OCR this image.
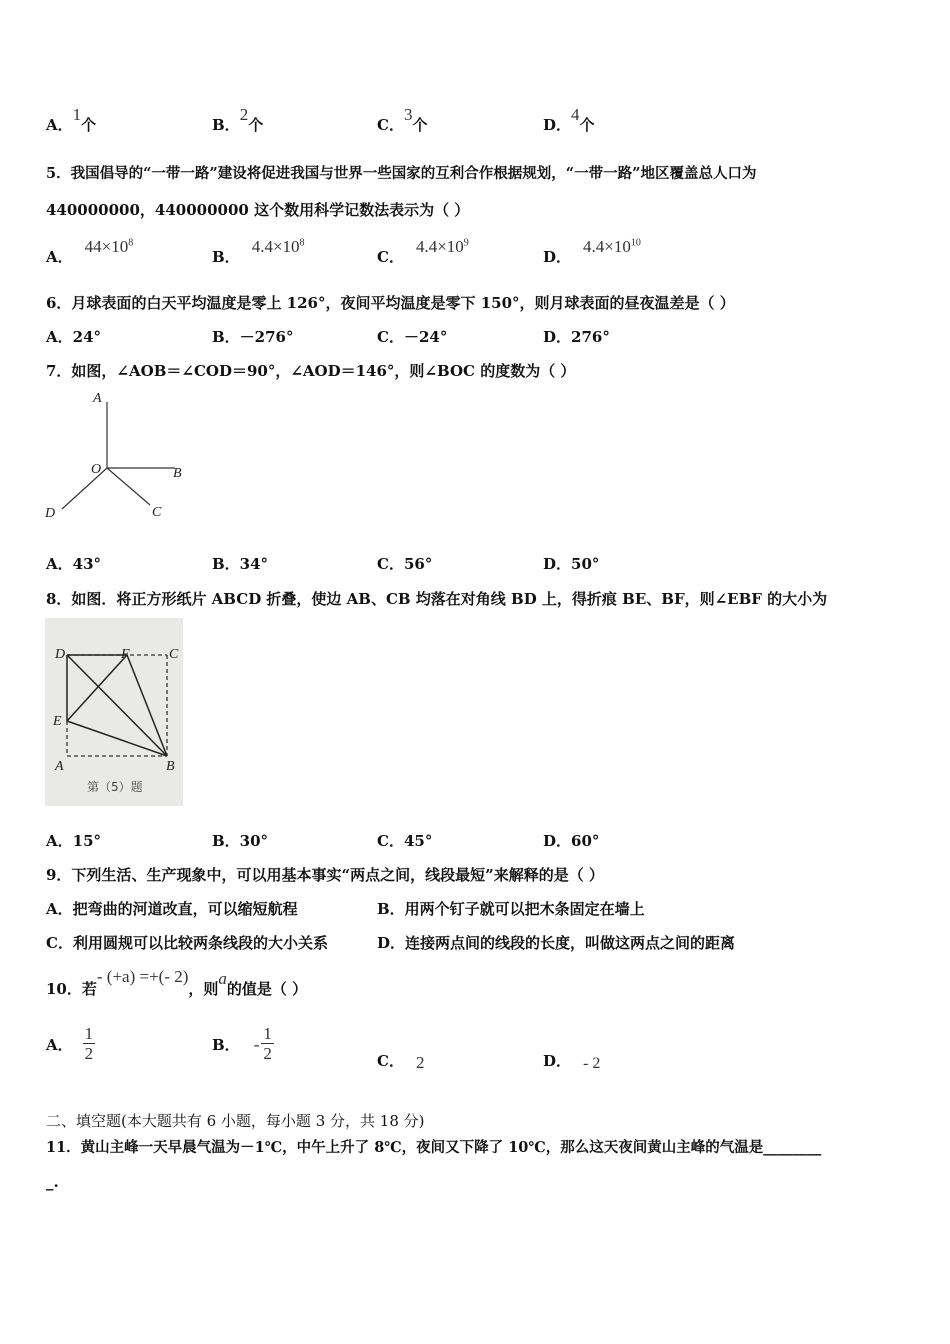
A．1个	B．2个	C．3个	D．4个
5．我国倡导的“一带一路”建设将促进我国与世界一些国家的互利合作根据规划，“一带一路”地区覆盖总人口为
440000000，440000000 这个数用科学记数法表示为（ ）
A．$44\times 10^8$
B．$4.4\times 10^8$
C．$4.4\times 10^9$
D．$4.4\times 10^{10}$
6．月球表面的白天平均温度是零上 126°，夜间平均温度是零下 150°，则月球表面的昼夜温差是（ ）
A．24°	B．－276°	C．－24°	D．276°
7．如图，∠AOB＝∠COD＝90°，∠AOD＝146°，则∠BOC 的度数为（ ）
A
O	B
C
D
A．43°	B．34°	C．56°	D．50°
8．如图．将正方形纸片 ABCD 折叠，使边 AB、CB 均落在对角线 BD 上，得折痕 BE、BF，则∠EBF 的大小为
D	F	C
E
A	B
第（5）题
A．15°	B．30°	C．45°	D．60°
9．下列生活、生产现象中，可以用基本事实“两点之间，线段最短”来解释的是（ ）
A．把弯曲的河道改直，可以缩短航程	B．用两个钉子就可以把木条固定在墙上
C．利用圆规可以比较两条线段的大小关系	D．连接两点间的线段的长度，叫做这两点之间的距离
10．若- (+a) =+(- 2)，则a的值是（ ）
A． $\frac{1}{2}$	B． - $\frac{1}{2}$	C． 2	D． - 2
二、填空题(本大题共有 6 小题，每小题 3 分，共 18 分)
11．黄山主峰一天早晨气温为－1℃，中午上升了 8℃，夜间又下降了 10℃，那么这天夜间黄山主峰的气温是________
_.
